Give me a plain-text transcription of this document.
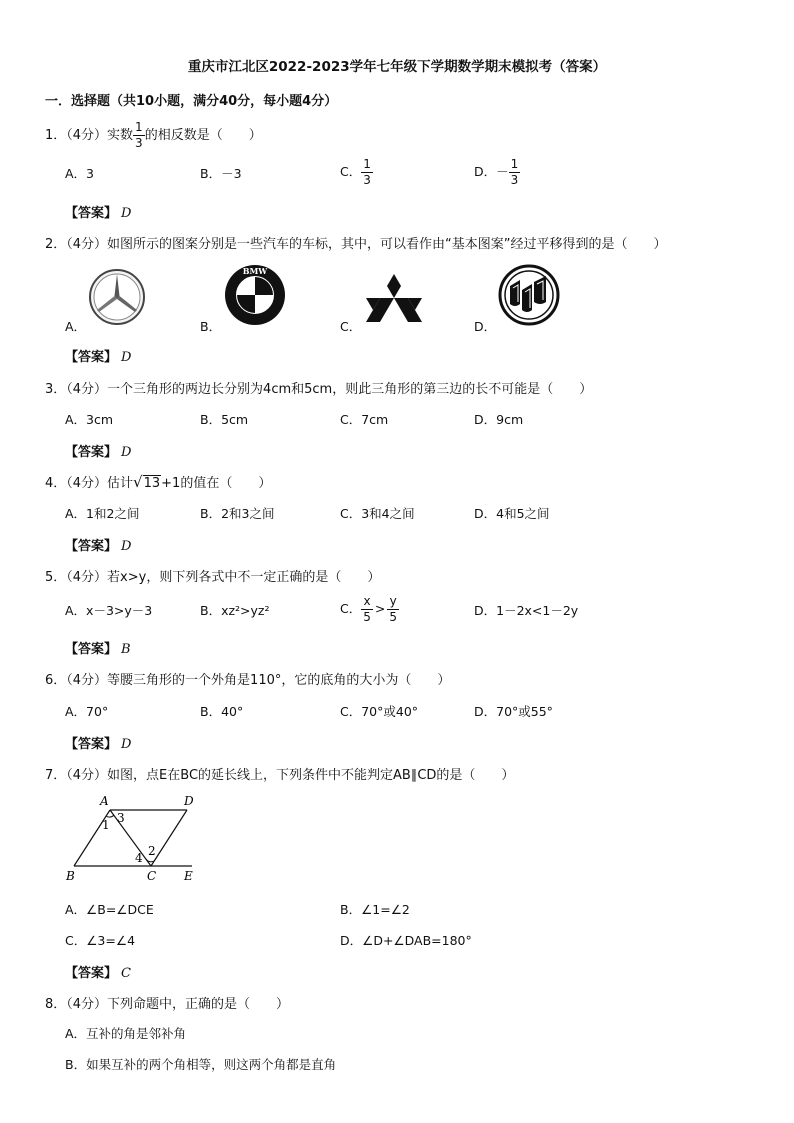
重庆市江北区2022-2023学年七年级下学期数学期末模拟考（答案）
一．选择题（共10小题，满分40分，每小题4分）
1．（4分）实数 $\frac{1}{3}$ 的相反数是（　　）
A．3	B．－3	C． $\frac{1}{3}$	D．－ $\frac{1}{3}$
【答案】 D
2．（4分）如图所示的图案分别是一些汽车的车标，其中，可以看作由“基本图案”经过平移得到的是（　　）
A．	B．	C．	D．
BMW
【答案】 D
3．（4分）一个三角形的两边长分别为4cm和5cm，则此三角形的第三边的长不可能是（　　）
A．3cm	B．5cm	C．7cm	D．9cm
【答案】 D
4．（4分）估计√13+1的值在（　　）
A．1和2之间	B．2和3之间	C．3和4之间	D．4和5之间
【答案】 D
5．（4分）若x>y，则下列各式中不一定正确的是（　　）
A．x－3>y－3	B．xz²>yz²	C． $\frac{x}{5} > \frac{y}{5}$	D．1－2x<1－2y
【答案】 B
6．（4分）等腰三角形的一个外角是110°，它的底角的大小为（　　）
A．70°	B．40°	C．70°或40°	D．70°或55°
【答案】 D
7．（4分）如图，点E在BC的延长线上，下列条件中不能判定AB∥CD的是（　　）
A	D
B	C E
1 3
2
4
A．∠B=∠DCE	B．∠1=∠2
C．∠3=∠4	D．∠D+∠DAB=180°
【答案】 C
8．（4分）下列命题中，正确的是（　　）
A．互补的角是邻补角
B．如果互补的两个角相等，则这两个角都是直角
